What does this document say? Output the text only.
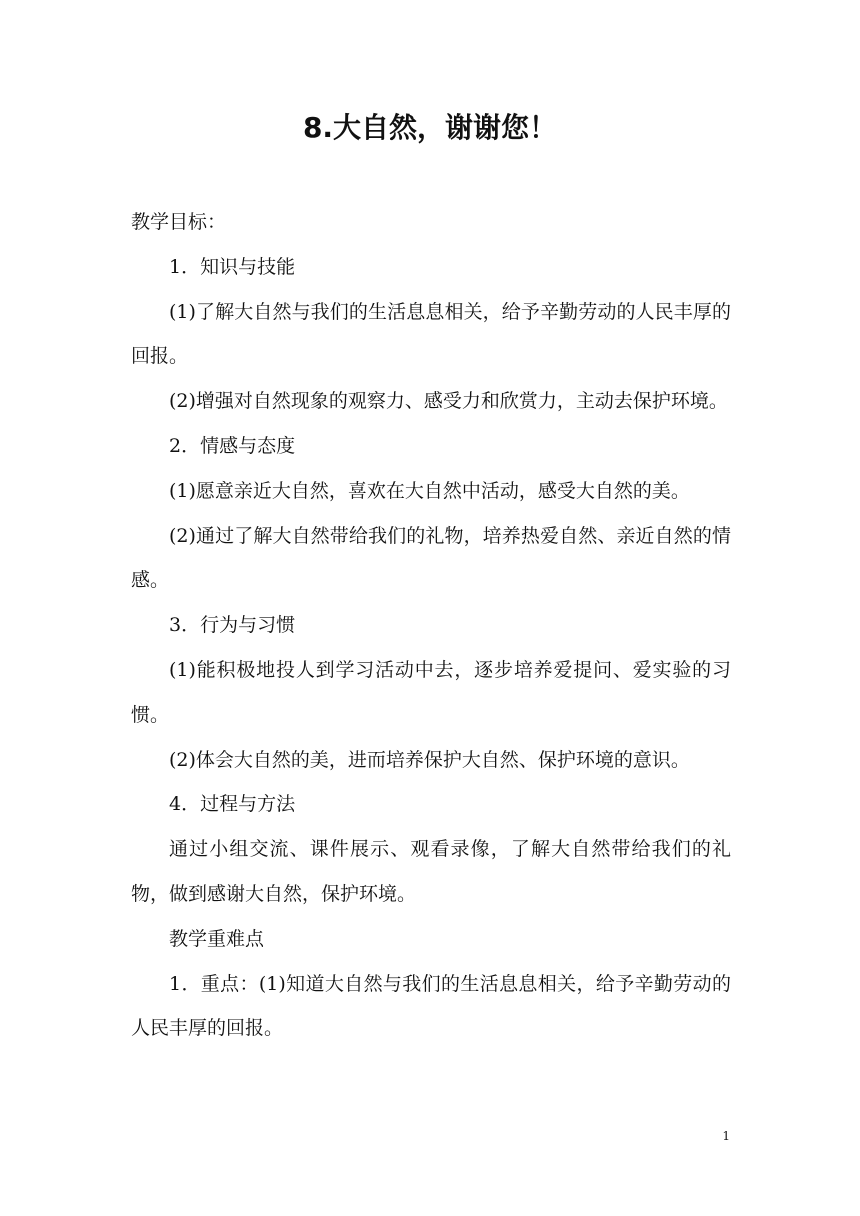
8.大自然，谢谢您！

教学目标：

1．知识与技能

(1)了解大自然与我们的生活息息相关，给予辛勤劳动的人民丰厚的回报。

(2)增强对自然现象的观察力、感受力和欣赏力，主动去保护环境。

2．情感与态度

(1)愿意亲近大自然，喜欢在大自然中活动，感受大自然的美。

(2)通过了解大自然带给我们的礼物，培养热爱自然、亲近自然的情感。

3．行为与习惯

(1)能积极地投人到学习活动中去，逐步培养爱提问、爱实验的习惯。

(2)体会大自然的美，进而培养保护大自然、保护环境的意识。

4．过程与方法

通过小组交流、课件展示、观看录像，了解大自然带给我们的礼物，做到感谢大自然，保护环境。

教学重难点

1．重点：(1)知道大自然与我们的生活息息相关，给予辛勤劳动的人民丰厚的回报。

1
